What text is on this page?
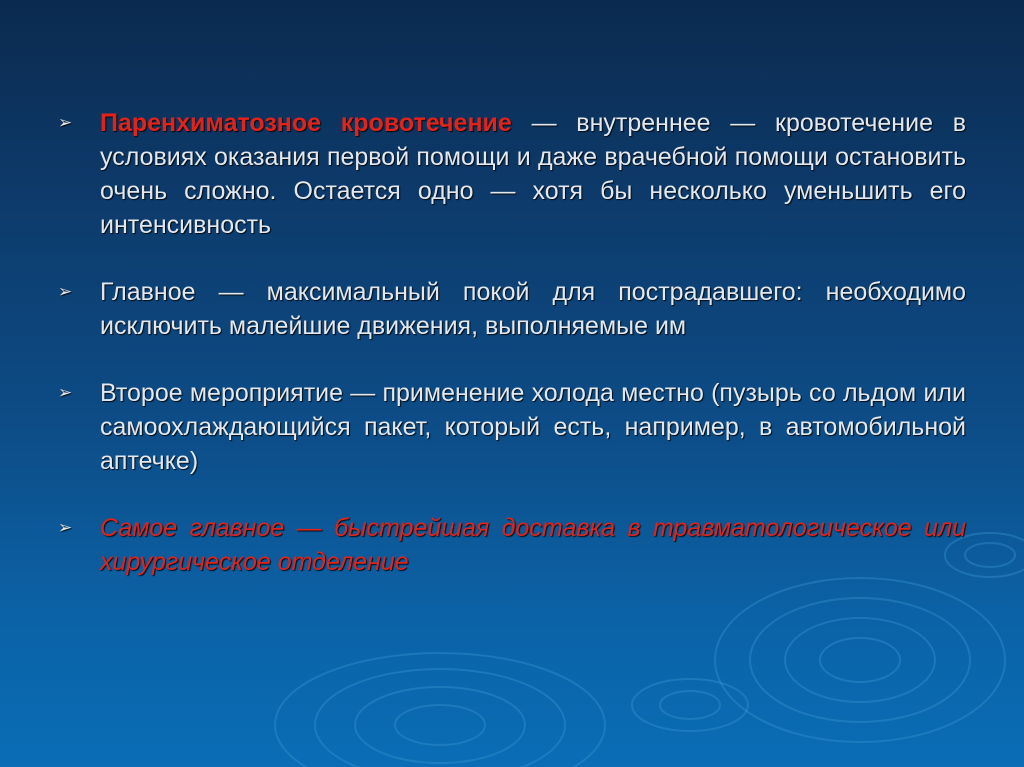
➢ Паренхиматозное кровотечение — внутреннее — кровотечение в условиях оказания первой помощи и даже врачебной помощи остановить очень сложно. Остается одно — хотя бы несколько уменьшить его интенсивность
➢ Главное — максимальный покой для пострадавшего: необходимо исключить малейшие движения, выполняемые им
➢ Второе мероприятие — применение холода местно (пузырь со льдом или самоохлаждающийся пакет, который есть, например, в автомобильной аптечке)
➢ Самое главное — быстрейшая доставка в травматологическое или хирургическое отделение
